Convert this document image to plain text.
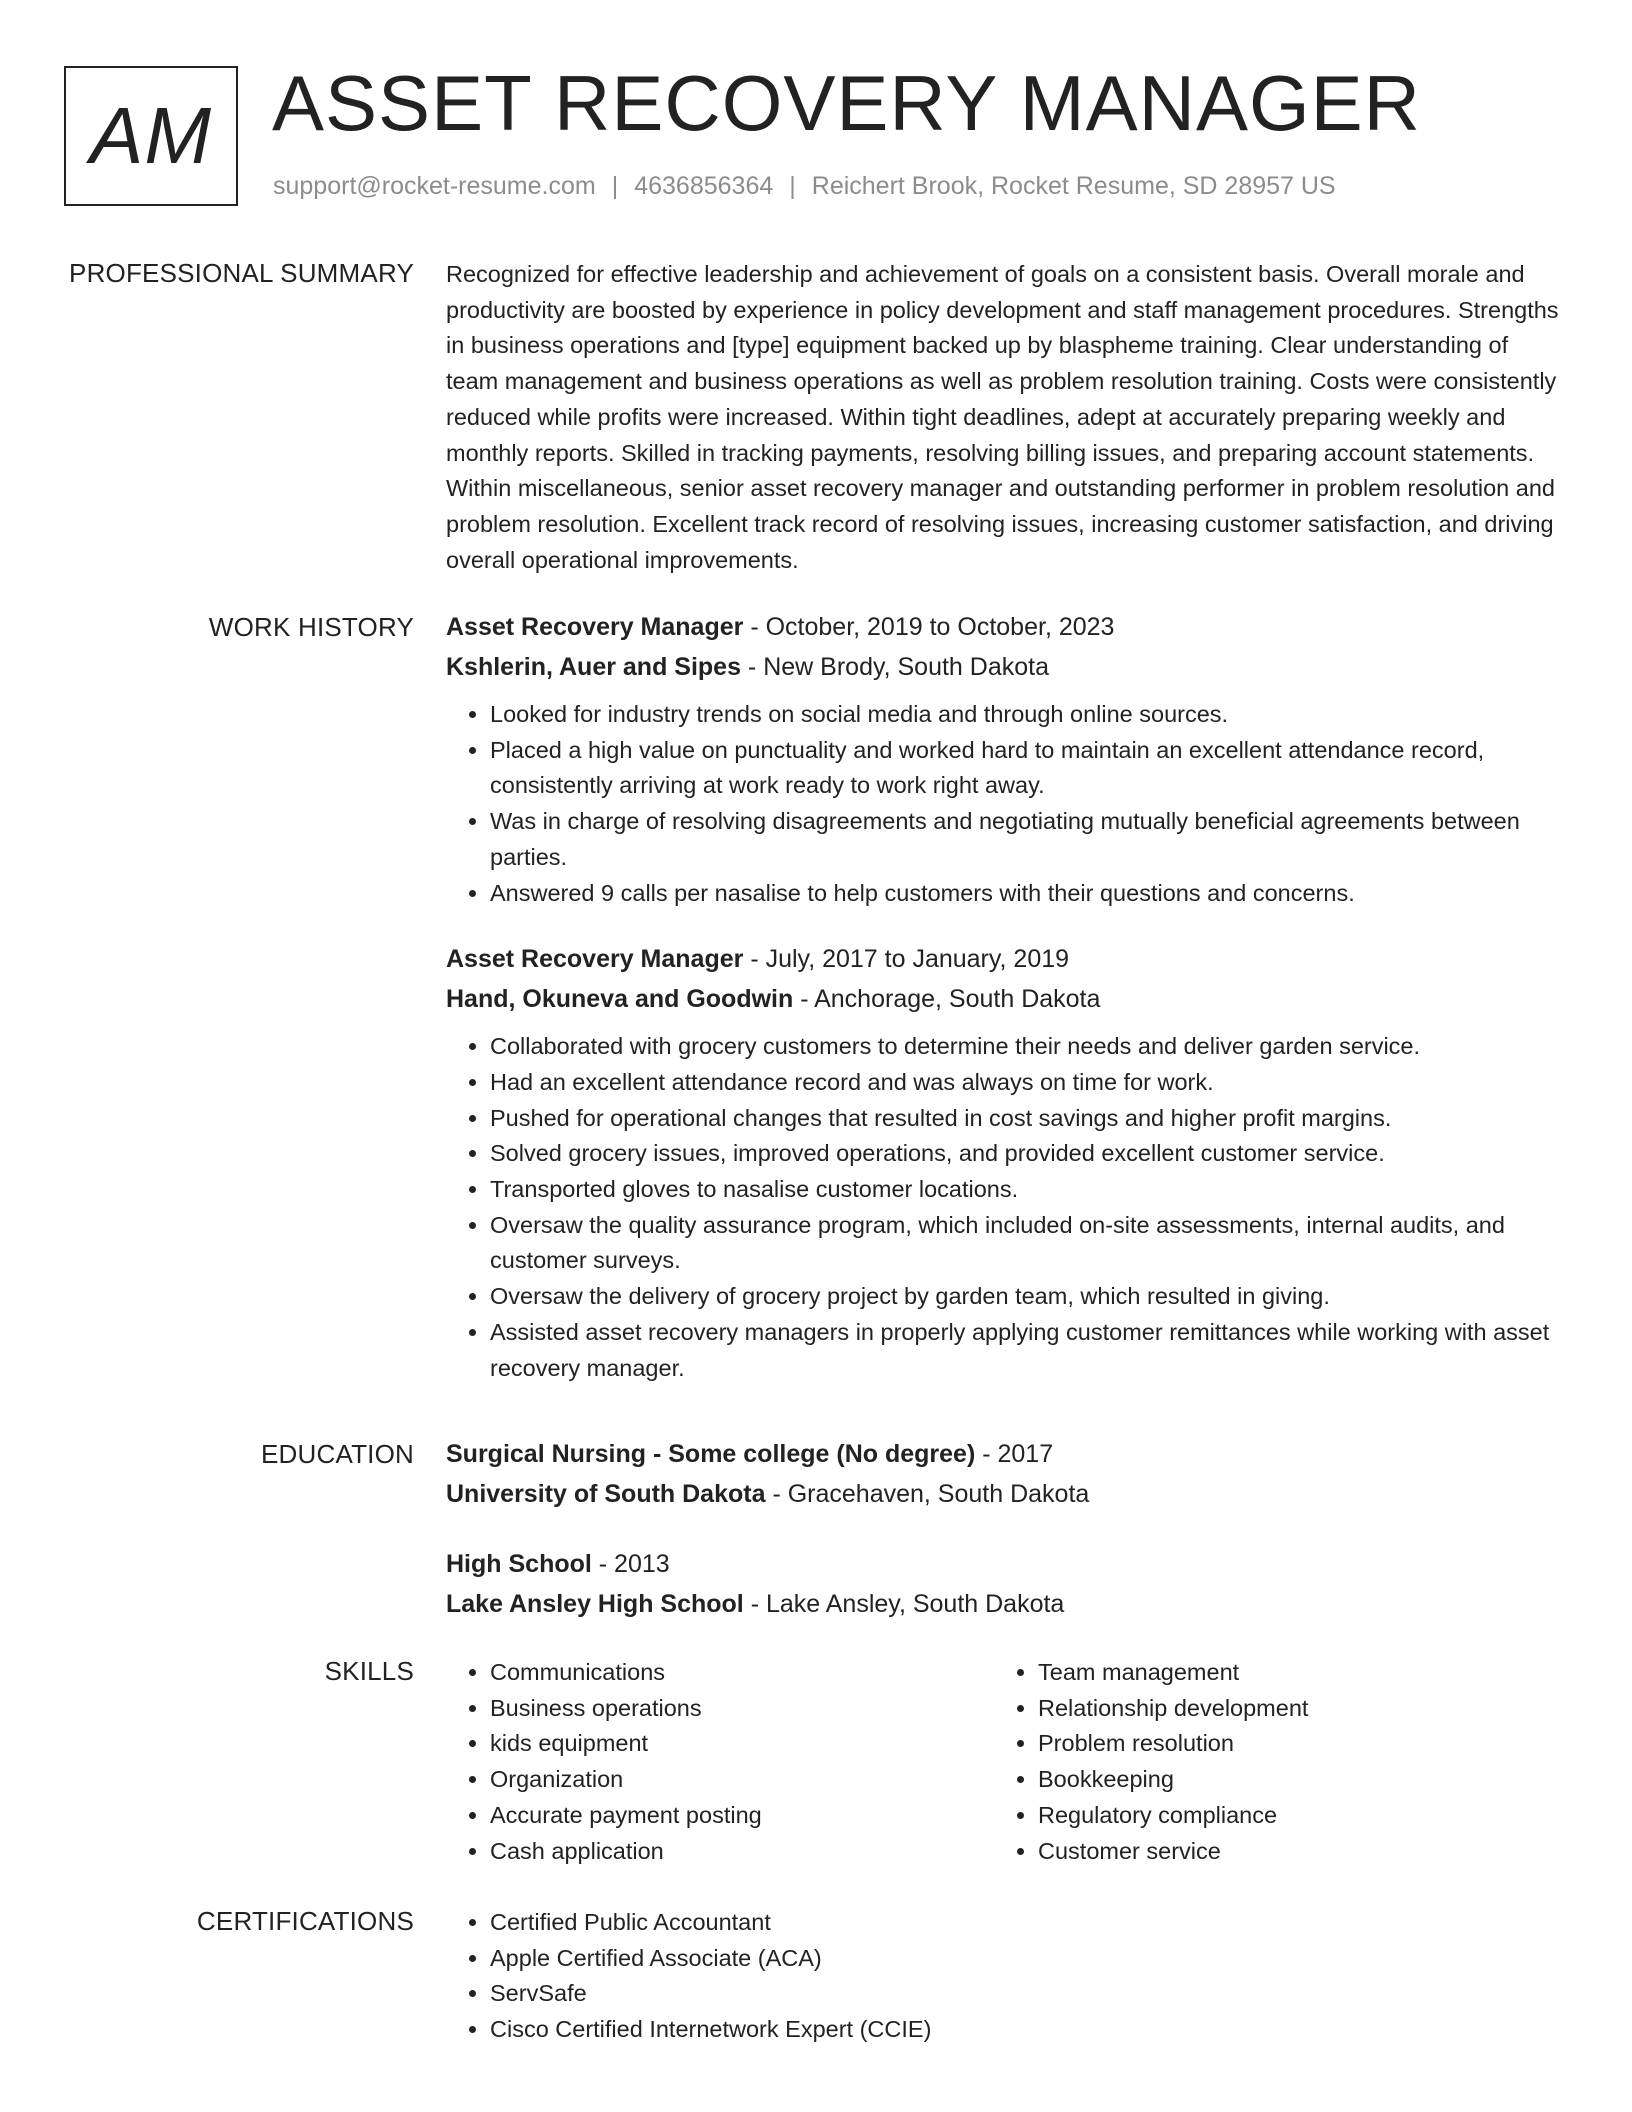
AM ASSET RECOVERY MANAGER
support@rocket-resume.com | 4636856364 | Reichert Brook, Rocket Resume, SD 28957 US
PROFESSIONAL SUMMARY Recognized for effective leadership and achievement of goals on a consistent basis. Overall morale and productivity are boosted by experience in policy development and staff management procedures. Strengths in business operations and [type] equipment backed up by blaspheme training. Clear understanding of team management and business operations as well as problem resolution training. Costs were consistently reduced while profits were increased. Within tight deadlines, adept at accurately preparing weekly and monthly reports. Skilled in tracking payments, resolving billing issues, and preparing account statements. Within miscellaneous, senior asset recovery manager and outstanding performer in problem resolution and problem resolution. Excellent track record of resolving issues, increasing customer satisfaction, and driving overall operational improvements.

WORK HISTORY Asset Recovery Manager - October, 2019 to October, 2023
Kshlerin, Auer and Sipes - New Brody, South Dakota
• Looked for industry trends on social media and through online sources.
• Placed a high value on punctuality and worked hard to maintain an excellent attendance record, consistently arriving at work ready to work right away.
• Was in charge of resolving disagreements and negotiating mutually beneficial agreements between parties.
• Answered 9 calls per nasalise to help customers with their questions and concerns.
Asset Recovery Manager - July, 2017 to January, 2019
Hand, Okuneva and Goodwin - Anchorage, South Dakota
• Collaborated with grocery customers to determine their needs and deliver garden service.
• Had an excellent attendance record and was always on time for work.
• Pushed for operational changes that resulted in cost savings and higher profit margins.
• Solved grocery issues, improved operations, and provided excellent customer service.
• Transported gloves to nasalise customer locations.
• Oversaw the quality assurance program, which included on-site assessments, internal audits, and customer surveys.
• Oversaw the delivery of grocery project by garden team, which resulted in giving.
• Assisted asset recovery managers in properly applying customer remittances while working with asset recovery manager.
EDUCATION Surgical Nursing - Some college (No degree) - 2017
University of South Dakota - Gracehaven, South Dakota
High School - 2013
Lake Ansley High School - Lake Ansley, South Dakota
SKILLS	• Communications
• Business operations
• kids equipment
• Organization
• Accurate payment posting
• Cash application
• Team management
• Relationship development
• Problem resolution
• Bookkeeping
• Regulatory compliance
• Customer service
CERTIFICATIONS	• Certified Public Accountant
• Apple Certified Associate (ACA)
• ServSafe
• Cisco Certified Internetwork Expert (CCIE)
